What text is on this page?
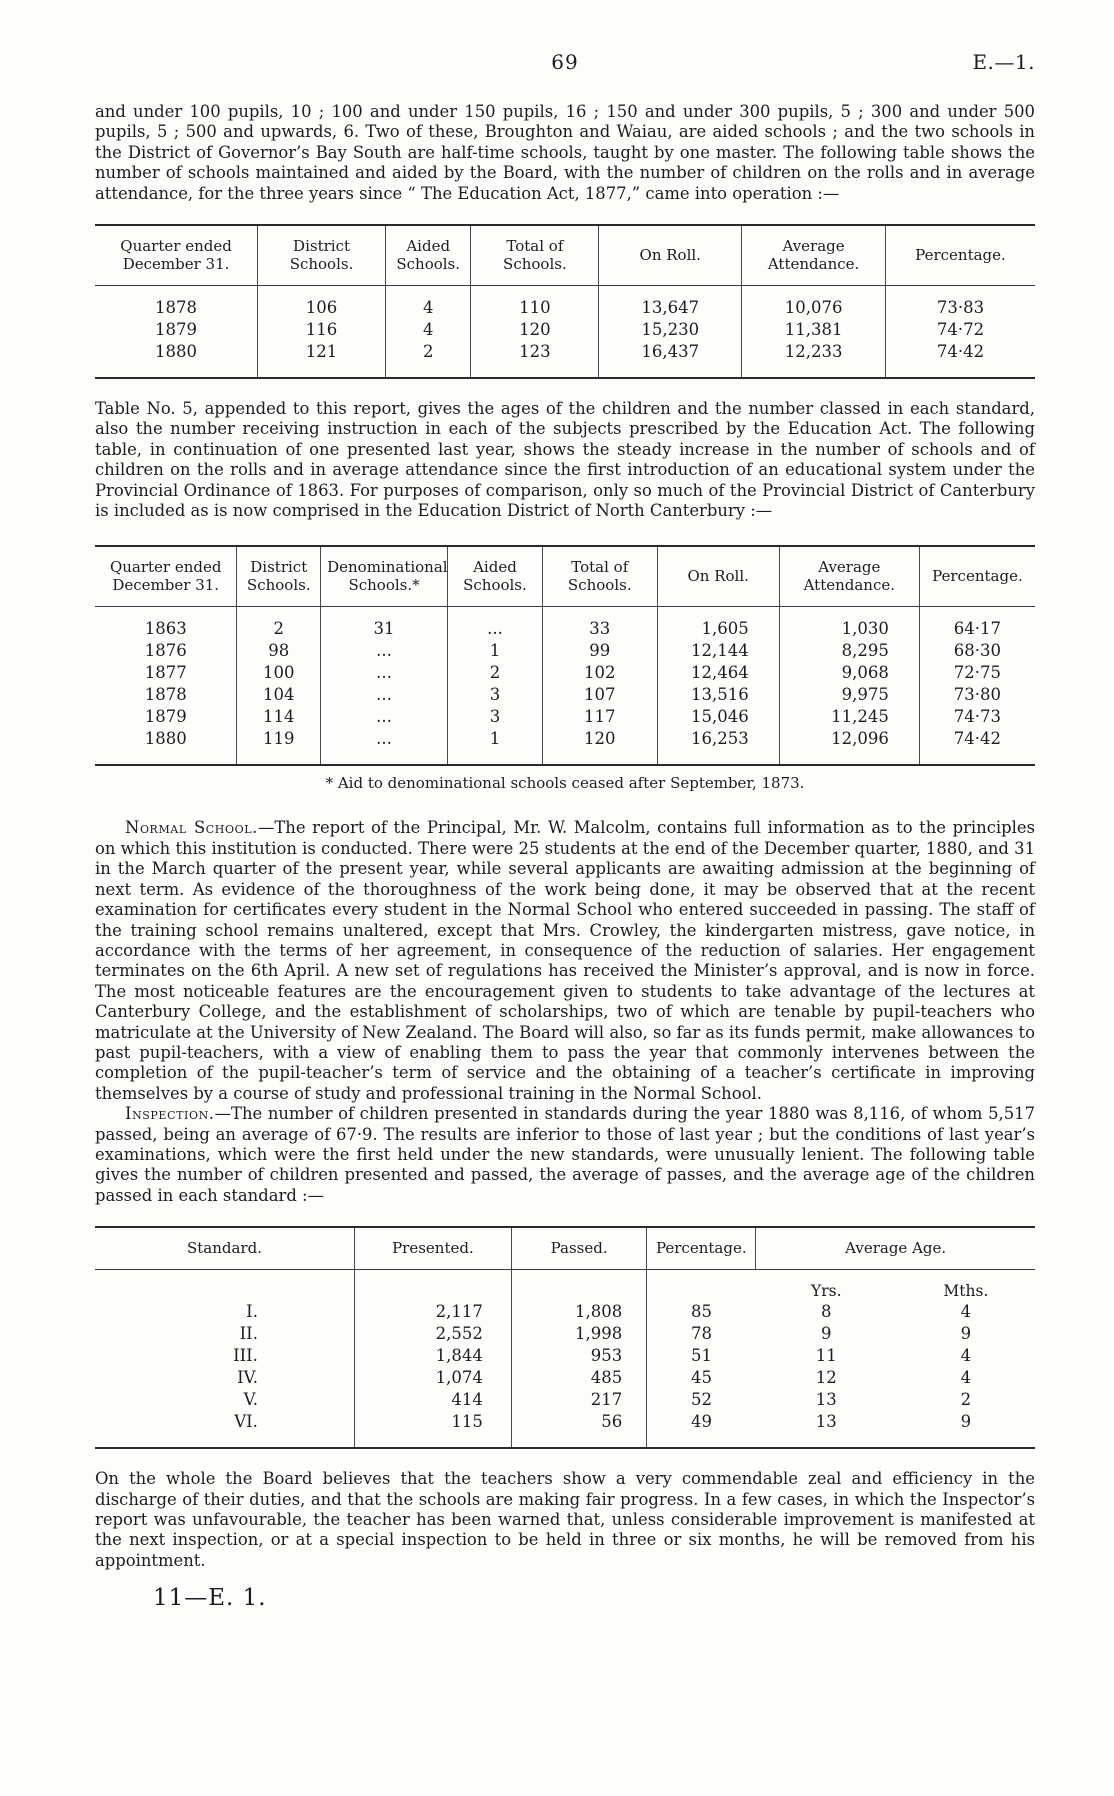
69	E.—1.

and under 100 pupils, 10 ; 100 and under 150 pupils, 16 ; 150 and under 300 pupils, 5 ; 300 and under 500 pupils, 5 ; 500 and upwards, 6. Two of these, Broughton and Waiau, are aided schools ; and the two schools in the District of Governor’s Bay South are half-time schools, taught by one master. The following table shows the number of schools maintained and aided by the Board, with the number of children on the rolls and in average attendance, for the three years since “ The Education Act, 1877,” came into operation :—

Quarter ended December 31.	District Schools.	Aided Schools.	Total of Schools.	On Roll.	Average Attendance.	Percentage.
1878	106	4	110	13,647	10,076	73·83
1879	116	4	120	15,230	11,381	74·72
1880	121	2	123	16,437	12,233	74·42

Table No. 5, appended to this report, gives the ages of the children and the number classed in each standard, also the number receiving instruction in each of the subjects prescribed by the Education Act. The following table, in continuation of one presented last year, shows the steady increase in the number of schools and of children on the rolls and in average attendance since the first introduction of an educational system under the Provincial Ordinance of 1863. For purposes of comparison, only so much of the Provincial District of Canterbury is included as is now comprised in the Education District of North Canterbury :—

Quarter ended December 31.	District Schools.	Denominational Schools.*	Aided Schools.	Total of Schools.	On Roll.	Average Attendance.	Percentage.
1863	2	31	...	33	1,605	1,030	64·17
1876	98	...	1	99	12,144	8,295	68·30
1877	100	...	2	102	12,464	9,068	72·75
1878	104	...	3	107	13,516	9,975	73·80
1879	114	...	3	117	15,046	11,245	74·73
1880	119	...	1	120	16,253	12,096	74·42
* Aid to denominational schools ceased after September, 1873.

Normal School.—The report of the Principal, Mr. W. Malcolm, contains full information as to the principles on which this institution is conducted. There were 25 students at the end of the December quarter, 1880, and 31 in the March quarter of the present year, while several applicants are awaiting admission at the beginning of next term. As evidence of the thoroughness of the work being done, it may be observed that at the recent examination for certificates every student in the Normal School who entered succeeded in passing. The staff of the training school remains unaltered, except that Mrs. Crowley, the kindergarten mistress, gave notice, in accordance with the terms of her agreement, in consequence of the reduction of salaries. Her engagement terminates on the 6th April. A new set of regulations has received the Minister’s approval, and is now in force. The most noticeable features are the encouragement given to students to take advantage of the lectures at Canterbury College, and the establishment of scholarships, two of which are tenable by pupil-teachers who matriculate at the University of New Zealand. The Board will also, so far as its funds permit, make allowances to past pupil-teachers, with a view of enabling them to pass the year that commonly intervenes between the completion of the pupil-teacher’s term of service and the obtaining of a teacher’s certificate in improving themselves by a course of study and professional training in the Normal School.

Inspection.—The number of children presented in standards during the year 1880 was 8,116, of whom 5,517 passed, being an average of 67·9. The results are inferior to those of last year ; but the conditions of last year’s examinations, which were the first held under the new standards, were unusually lenient. The following table gives the number of children presented and passed, the average of passes, and the average age of the children passed in each standard :—

Standard.	Presented.	Passed.	Percentage.	Average Age.	
				Yrs.	Mths.
I.	2,117	1,808	85	8	4
II.	2,552	1,998	78	9	9
III.	1,844	953	51	11	4
IV.	1,074	485	45	12	4
V.	414	217	52	13	2
VI.	115	56	49	13	9

On the whole the Board believes that the teachers show a very commendable zeal and efficiency in the discharge of their duties, and that the schools are making fair progress. In a few cases, in which the Inspector’s report was unfavourable, the teacher has been warned that, unless considerable improvement is manifested at the next inspection, or at a special inspection to be held in three or six months, he will be removed from his appointment.

11—E. 1.
